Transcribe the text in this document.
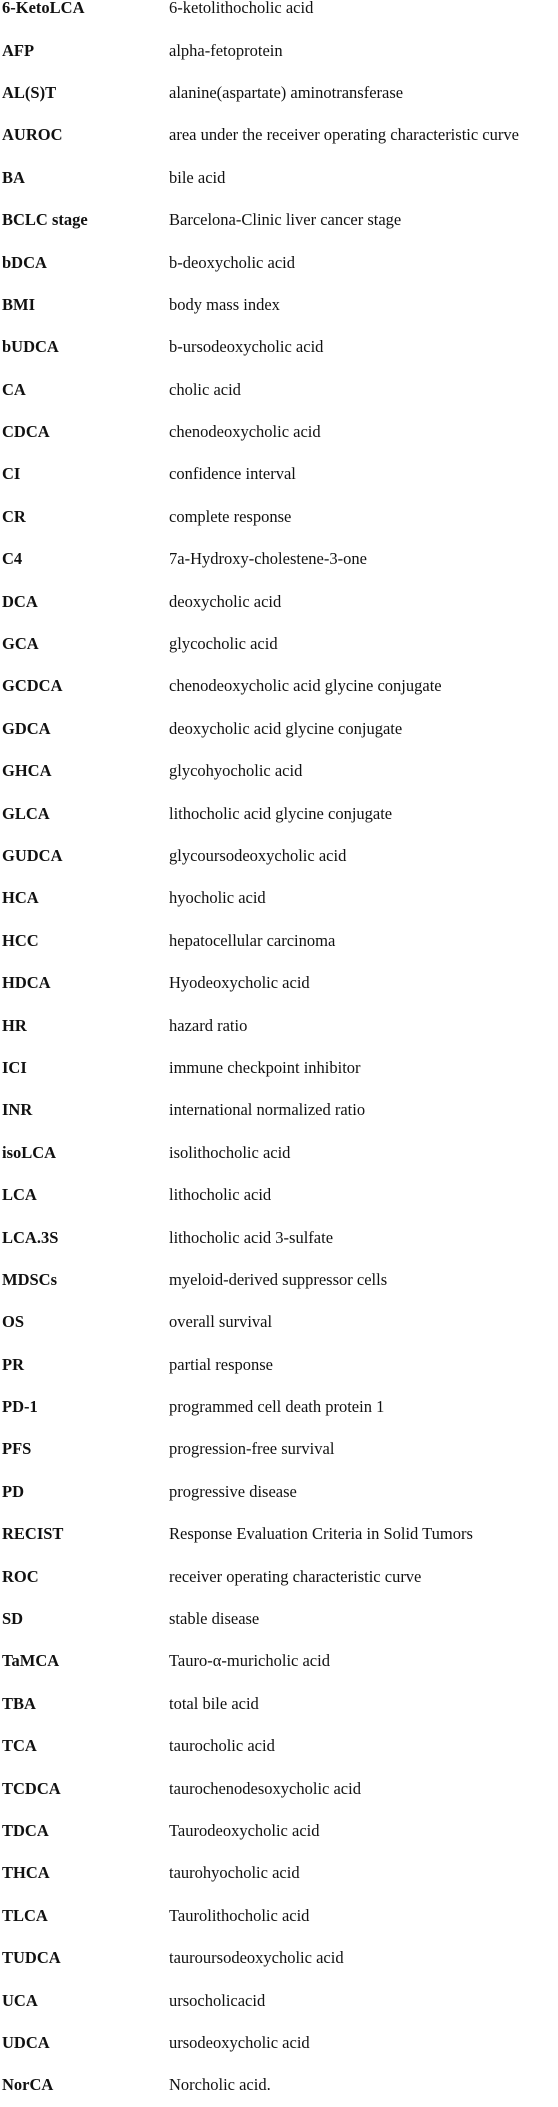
6-KetoLCA	6-ketolithocholic acid
AFP	alpha-fetoprotein
AL(S)T	alanine(aspartate) aminotransferase
AUROC	area under the receiver operating characteristic curve
BA	bile acid
BCLC stage	Barcelona-Clinic liver cancer stage
bDCA	b-deoxycholic acid
BMI	body mass index
bUDCA	b-ursodeoxycholic acid
CA	cholic acid
CDCA	chenodeoxycholic acid
CI	confidence interval
CR	complete response
C4	7a-Hydroxy-cholestene-3-one
DCA	deoxycholic acid
GCA	glycocholic acid
GCDCA	chenodeoxycholic acid glycine conjugate
GDCA	deoxycholic acid glycine conjugate
GHCA	glycohyocholic acid
GLCA	lithocholic acid glycine conjugate
GUDCA	glycoursodeoxycholic acid
HCA	hyocholic acid
HCC	hepatocellular carcinoma
HDCA	Hyodeoxycholic acid
HR	hazard ratio
ICI	immune checkpoint inhibitor
INR	international normalized ratio
isoLCA	isolithocholic acid
LCA	lithocholic acid
LCA.3S	lithocholic acid 3-sulfate
MDSCs	myeloid-derived suppressor cells
OS	overall survival
PR	partial response
PD-1	programmed cell death protein 1
PFS	progression-free survival
PD	progressive disease
RECIST	Response Evaluation Criteria in Solid Tumors
ROC	receiver operating characteristic curve
SD	stable disease
TaMCA	Tauro-α-muricholic acid
TBA	total bile acid
TCA	taurocholic acid
TCDCA	taurochenodesoxycholic acid
TDCA	Taurodeoxycholic acid
THCA	taurohyocholic acid
TLCA	Taurolithocholic acid
TUDCA	tauroursodeoxycholic acid
UCA	ursocholicacid
UDCA	ursodeoxycholic acid
NorCA	Norcholic acid.
